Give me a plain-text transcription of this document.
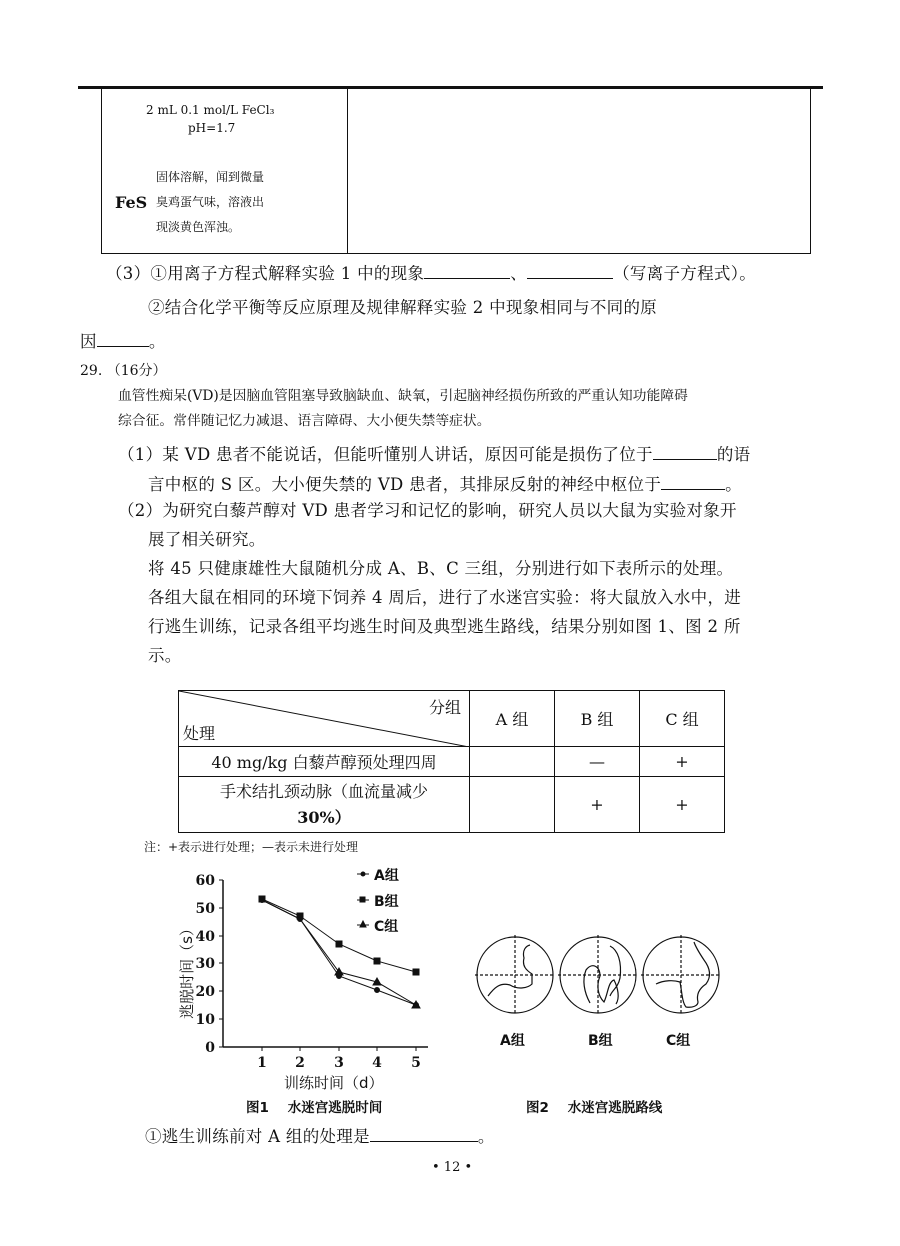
2 mL 0.1 mol/L FeCl₃
pH=1.7
FeS
固体溶解，闻到微量
臭鸡蛋气味，溶液出
现淡黄色浑浊。
（3）①用离子方程式解释实验 1 中的现象	、	（写离子方程式）。
②结合化学平衡等反应原理及规律解释实验 2 中现象相同与不同的原
因	。
29. （16分）
血管性痴呆(VD)是因脑血管阻塞导致脑缺血、缺氧，引起脑神经损伤所致的严重认知功能障碍
综合征。常伴随记忆力减退、语言障碍、大小便失禁等症状。
（1）某 VD 患者不能说话，但能听懂别人讲话，原因可能是损伤了位于	的语
言中枢的 S 区。大小便失禁的 VD 患者，其排尿反射的神经中枢位于	。
（2）为研究白藜芦醇对 VD 患者学习和记忆的影响，研究人员以大鼠为实验对象开
展了相关研究。
将 45 只健康雄性大鼠随机分成 A、B、C 三组，分别进行如下表所示的处理。
各组大鼠在相同的环境下饲养 4 周后，进行了水迷宫实验：将大鼠放入水中，进
行逃生训练，记录各组平均逃生时间及典型逃生路线，结果分别如图 1、图 2 所
示。
分组
处理	A 组	B 组	C 组
40 mg/kg 白藜芦醇预处理四周		—	+

手术结扎颈动脉（血流量减少
30%）		+	+
注：+表示进行处理；—表示未进行处理
60
50
40
30
20
10
0
1 2 3 4 5
逃脱时间（s）
A组
B组
C组
训练时间（d）
图1    水迷宫逃脱时间
A组	B组	C组
图2    水迷宫逃脱路线
①逃生训练前对 A 组的处理是	。
• 12 •
